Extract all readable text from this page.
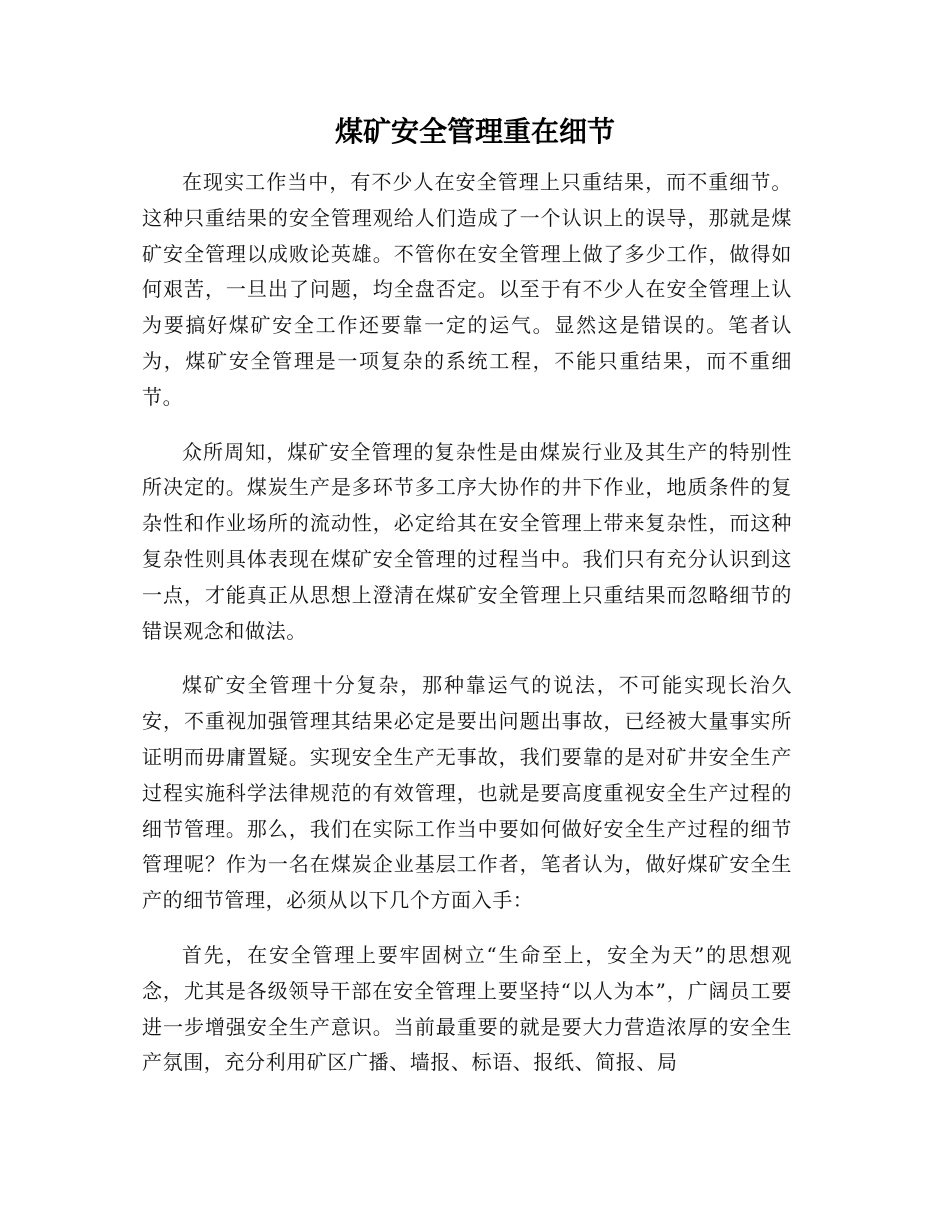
煤矿安全管理重在细节

在现实工作当中，有不少人在安全管理上只重结果，而不重细节。这种只重结果的安全管理观给人们造成了一个认识上的误导，那就是煤矿安全管理以成败论英雄。不管你在安全管理上做了多少工作，做得如何艰苦，一旦出了问题，均全盘否定。以至于有不少人在安全管理上认为要搞好煤矿安全工作还要靠一定的运气。显然这是错误的。笔者认为，煤矿安全管理是一项复杂的系统工程，不能只重结果，而不重细节。

众所周知，煤矿安全管理的复杂性是由煤炭行业及其生产的特别性所决定的。煤炭生产是多环节多工序大协作的井下作业，地质条件的复杂性和作业场所的流动性，必定给其在安全管理上带来复杂性，而这种复杂性则具体表现在煤矿安全管理的过程当中。我们只有充分认识到这一点，才能真正从思想上澄清在煤矿安全管理上只重结果而忽略细节的错误观念和做法。

煤矿安全管理十分复杂，那种靠运气的说法，不可能实现长治久安，不重视加强管理其结果必定是要出问题出事故，已经被大量事实所证明而毋庸置疑。实现安全生产无事故，我们要靠的是对矿井安全生产过程实施科学法律规范的有效管理，也就是要高度重视安全生产过程的细节管理。那么，我们在实际工作当中要如何做好安全生产过程的细节管理呢？作为一名在煤炭企业基层工作者，笔者认为，做好煤矿安全生产的细节管理，必须从以下几个方面入手：

首先，在安全管理上要牢固树立“生命至上，安全为天”的思想观念，尤其是各级领导干部在安全管理上要坚持“以人为本”，广阔员工要进一步增强安全生产意识。当前最重要的就是要大力营造浓厚的安全生产氛围，充分利用矿区广播、墙报、标语、报纸、简报、局
